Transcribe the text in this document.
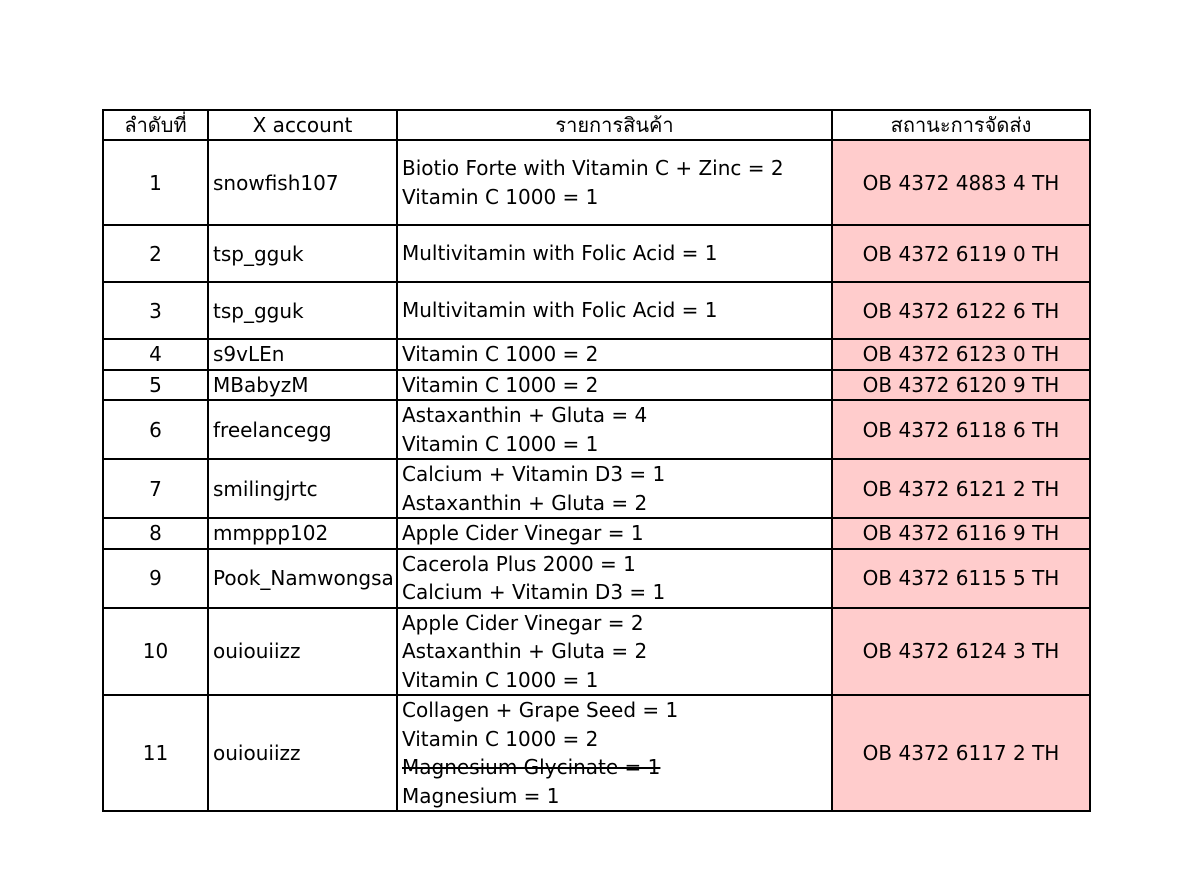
ลำดับที่	X account	รายการสินค้า	สถานะการจัดส่ง
1	snowfish107	Biotio Forte with Vitamin C + Zinc = 2
Vitamin C 1000 = 1	OB 4372 4883 4 TH
2	tsp_gguk	Multivitamin with Folic Acid = 1	OB 4372 6119 0 TH
3	tsp_gguk	Multivitamin with Folic Acid = 1	OB 4372 6122 6 TH
4	s9vLEn	Vitamin C 1000 = 2	OB 4372 6123 0 TH
5	MBabyzM	Vitamin C 1000 = 2	OB 4372 6120 9 TH
6	freelancegg	Astaxanthin + Gluta = 4
Vitamin C 1000 = 1	OB 4372 6118 6 TH
7	smilingjrtc	Calcium + Vitamin D3 = 1
Astaxanthin + Gluta = 2	OB 4372 6121 2 TH
8	mmppp102	Apple Cider Vinegar = 1	OB 4372 6116 9 TH
9	Pook_Namwongsa	Cacerola Plus 2000 = 1
Calcium + Vitamin D3 = 1	OB 4372 6115 5 TH
10	ouiouiizz	Apple Cider Vinegar = 2
Astaxanthin + Gluta = 2
Vitamin C 1000 = 1	OB 4372 6124 3 TH
11	ouiouiizz	Collagen + Grape Seed = 1
Vitamin C 1000 = 2
Magnesium Glycinate = 1
Magnesium = 1	OB 4372 6117 2 TH
